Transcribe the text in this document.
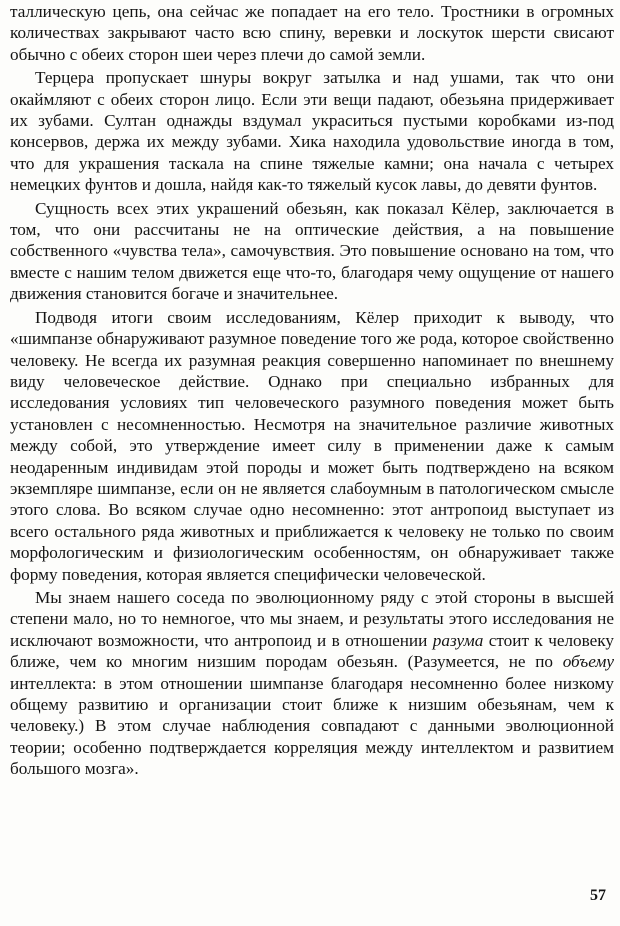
таллическую цепь, она сейчас же попадает на его тело. Тростники в огромных количествах закрывают часто всю спину, веревки и лоскуток шерсти свисают обычно с обеих сторон шеи через плечи до самой земли.

Терцера пропускает шнуры вокруг затылка и над ушами, так что они окаймляют с обеих сторон лицо. Если эти вещи падают, обезьяна придерживает их зубами. Султан однажды вздумал украситься пустыми коробками из-под консервов, держа их между зубами. Хика находила удовольствие иногда в том, что для украшения таскала на спине тяжелые камни; она начала с четырех немецких фунтов и дошла, найдя как-то тяжелый кусок лавы, до девяти фунтов.

Сущность всех этих украшений обезьян, как показал Кёлер, заключается в том, что они рассчитаны не на оптические действия, а на повышение собственного «чувства тела», самочувствия. Это повышение основано на том, что вместе с нашим телом движется еще что-то, благодаря чему ощущение от нашего движения становится богаче и значительнее.

Подводя итоги своим исследованиям, Кёлер приходит к выводу, что «шимпанзе обнаруживают разумное поведение того же рода, которое свойственно человеку. Не всегда их разумная реакция совершенно напоминает по внешнему виду человеческое действие. Однако при специально избранных для исследования условиях тип человеческого разумного поведения может быть установлен с несомненностью. Несмотря на значительное различие животных между собой, это утверждение имеет силу в применении даже к самым неодаренным индивидам этой породы и может быть подтверждено на всяком экземпляре шимпанзе, если он не является слабоумным в патологическом смысле этого слова. Во всяком случае одно несомненно: этот антропоид выступает из всего остального ряда животных и приближается к человеку не только по своим морфологическим и физиологическим особенностям, он обнаруживает также форму поведения, которая является специфически человеческой.

Мы знаем нашего соседа по эволюционному ряду с этой стороны в высшей степени мало, но то немногое, что мы знаем, и результаты этого исследования не исключают возможности, что антропоид и в отношении разума стоит к человеку ближе, чем ко многим низшим породам обезьян. (Разумеется, не по объему интеллекта: в этом отношении шимпанзе благодаря несомненно более низкому общему развитию и организации стоит ближе к низшим обезьянам, чем к человеку.) В этом случае наблюдения совпадают с данными эволюционной теории; особенно подтверждается корреляция между интеллектом и развитием большого мозга».

57
